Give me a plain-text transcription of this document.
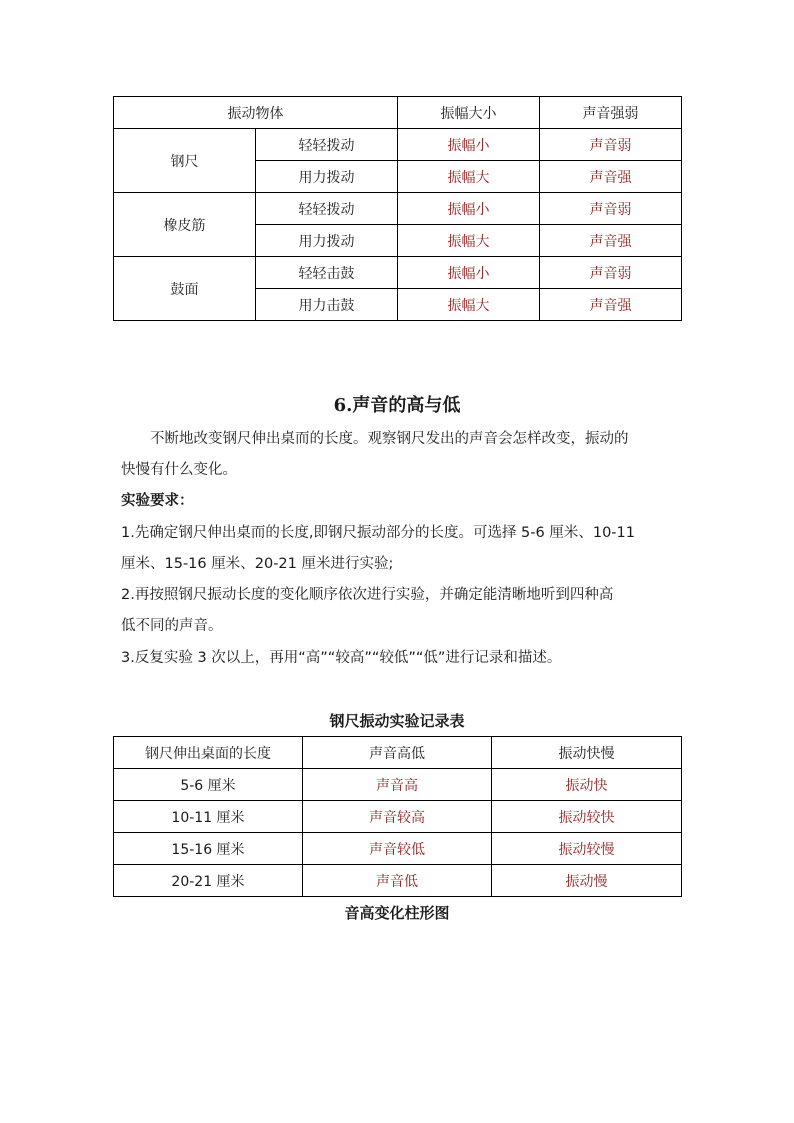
振动物体		振幅大小	声音强弱
钢尺	轻轻拨动	振幅小	声音弱
	用力拨动	振幅大	声音强
橡皮筋	轻轻拨动	振幅小	声音弱
	用力拨动	振幅大	声音强
鼓面	轻轻击鼓	振幅小	声音弱
	用力击鼓	振幅大	声音强
6.声音的高与低
不断地改变钢尺伸出桌而的长度。观察钢尺发出的声音会怎样改变，振动的
快慢有什么变化。
实验要求：
1.先确定钢尺伸出桌而的长度,即钢尺振动部分的长度。可选择 5-6 厘米、10-11
厘米、15-16 厘米、20-21 厘米进行实验;
2.再按照钢尺振动长度的变化顺序依次进行实验，并确定能清晰地听到四种高
低不同的声音。
3.反复实验 3 次以上，再用“高”“较高”“较低”“低”进行记录和描述。
钢尺振动实验记录表
钢尺伸出桌面的长度	声音高低	振动快慢
5-6 厘米	声音高	振动快
10-11 厘米	声音较高	振动较快
15-16 厘米	声音较低	振动较慢
20-21 厘米	声音低	振动慢
音高变化柱形图
